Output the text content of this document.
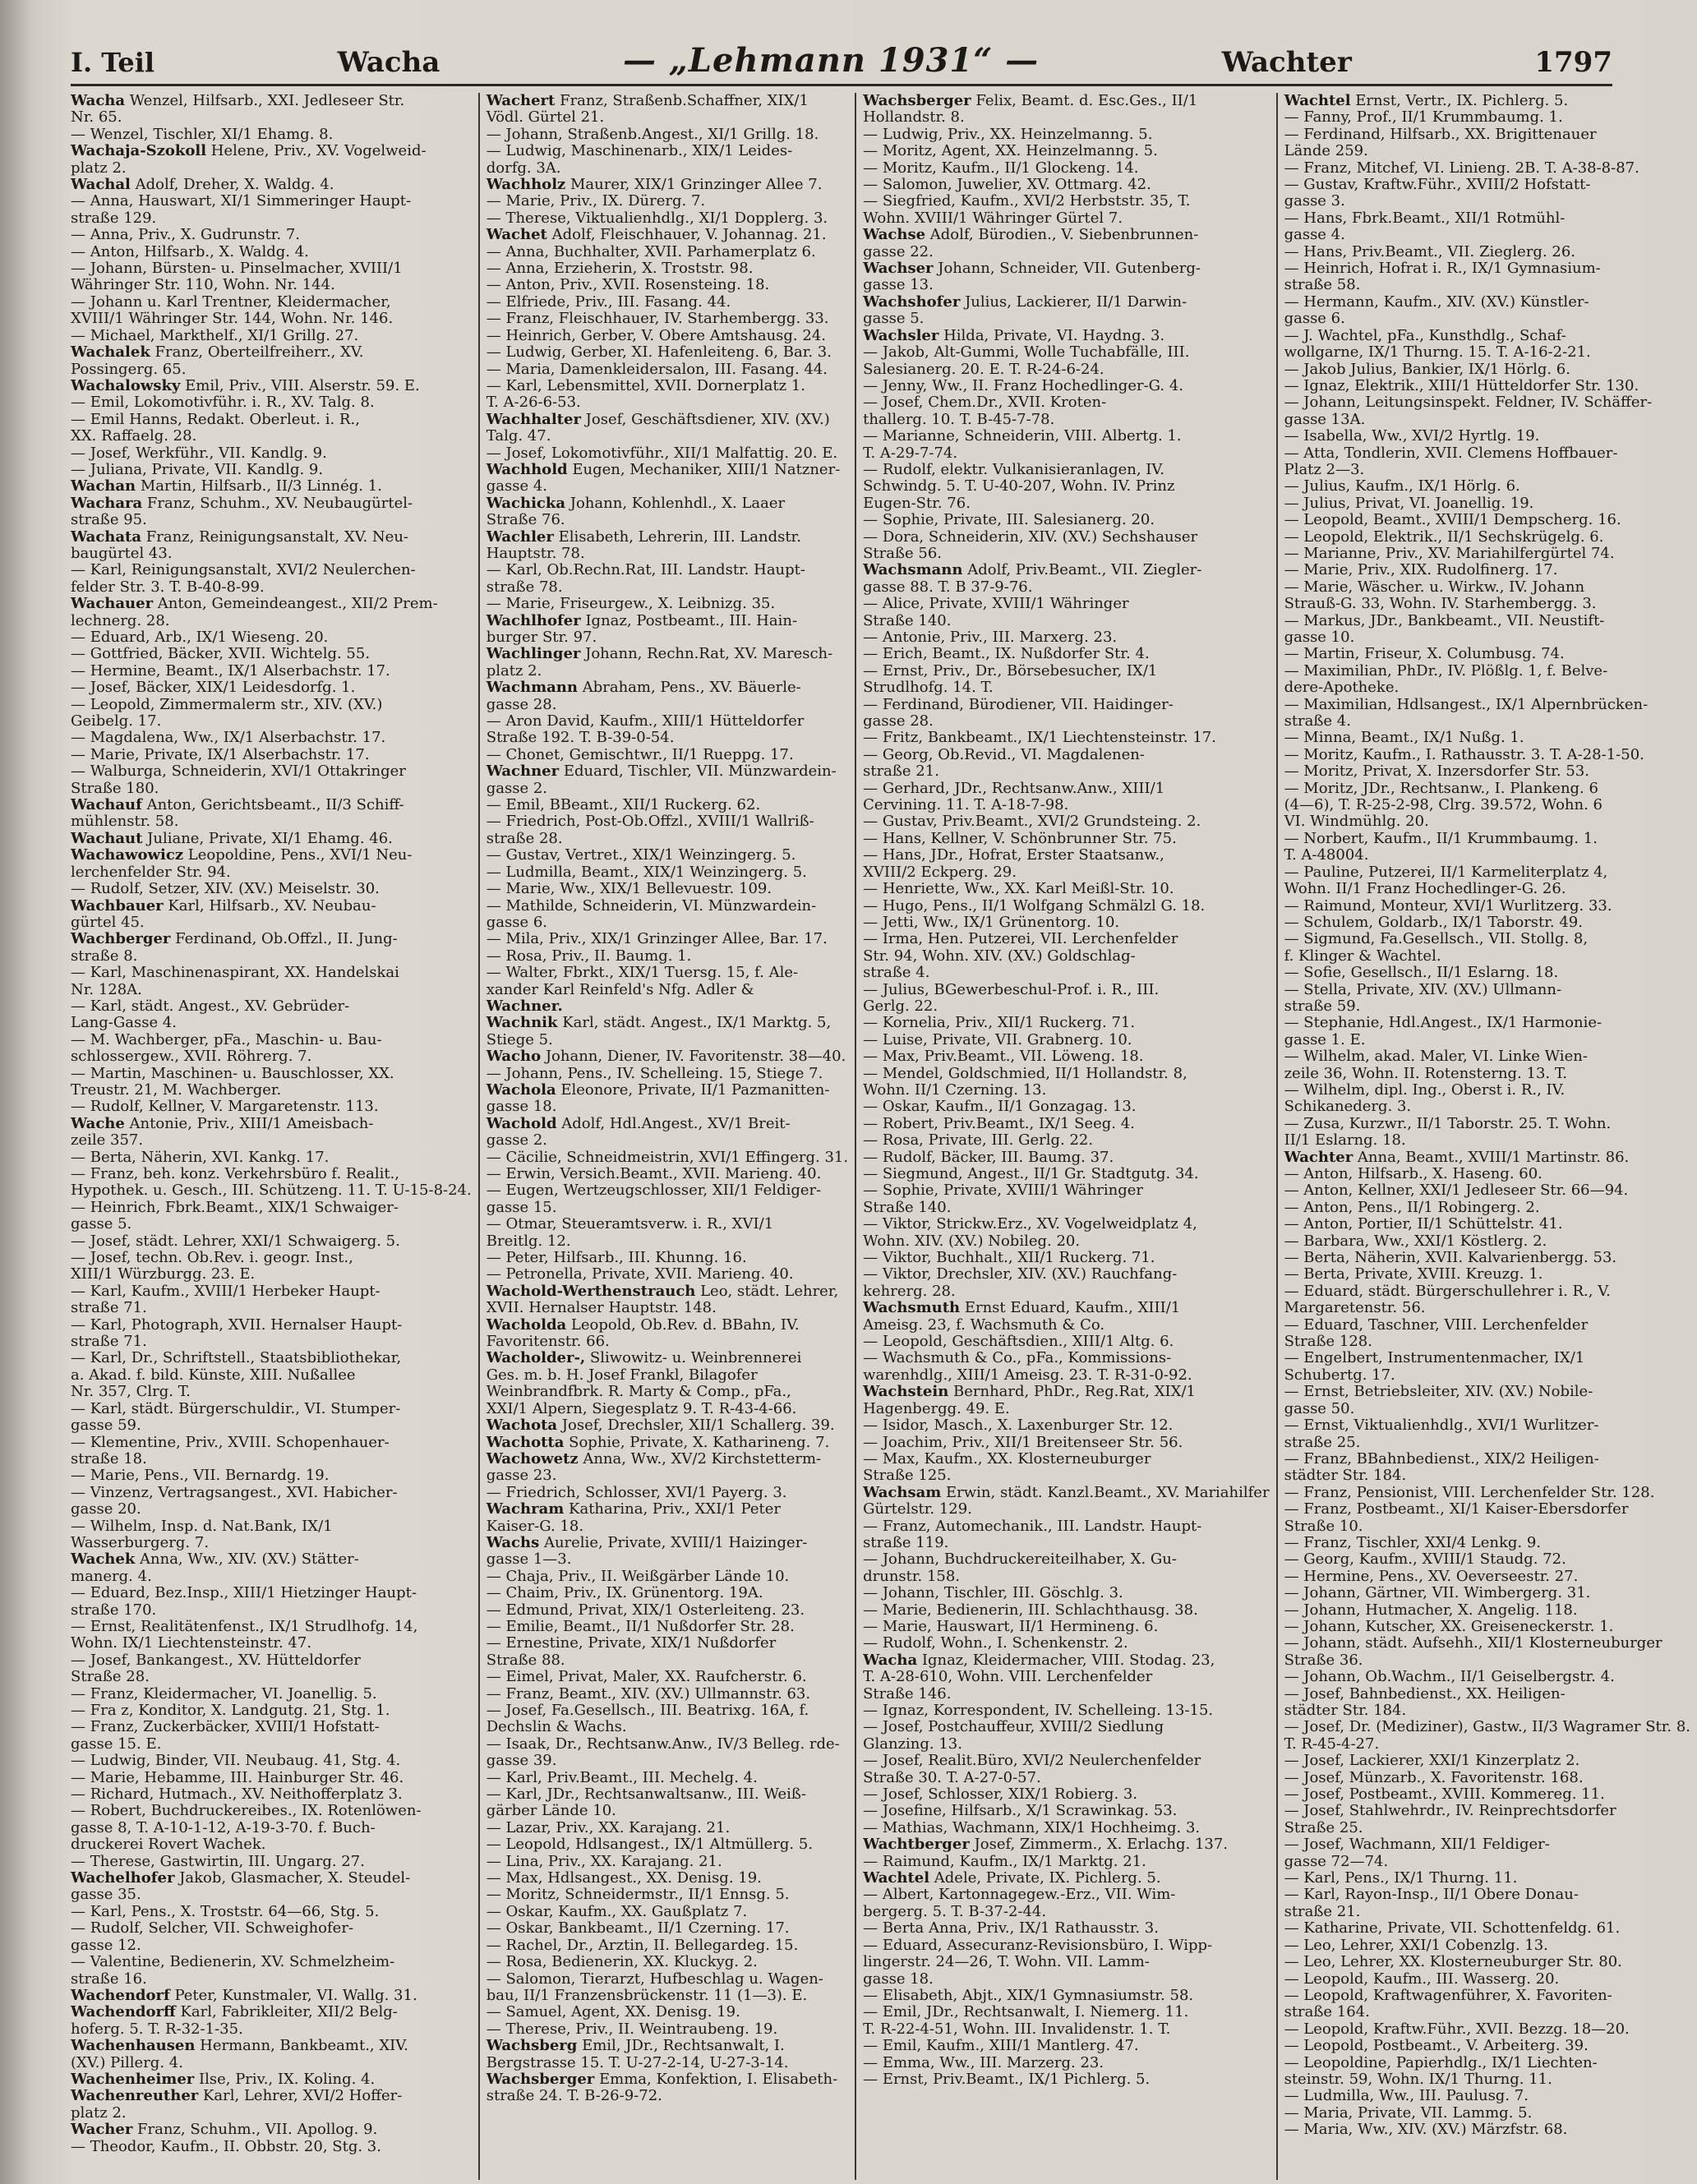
I. Teil	Wacha	— „Lehmann 1931“ —	Wachter	1797
Wacha Wenzel, Hilfsarb., XXI. Jedleseer Str.
Nr. 65.
— Wenzel, Tischler, XI/1 Ehamg. 8.
Wachaja-Szokoll Helene, Priv., XV. Vogelweid-
platz 2.
Wachal Adolf, Dreher, X. Waldg. 4.
— Anna, Hauswart, XI/1 Simmeringer Haupt-
straße 129.
— Anna, Priv., X. Gudrunstr. 7.
— Anton, Hilfsarb., X. Waldg. 4.
— Johann, Bürsten- u. Pinselmacher, XVIII/1
Währinger Str. 110, Wohn. Nr. 144.
— Johann u. Karl Trentner, Kleidermacher,
XVIII/1 Währinger Str. 144, Wohn. Nr. 146.
— Michael, Markthelf., XI/1 Grillg. 27.
Wachalek Franz, Oberteilfreiherr., XV.
Possingerg. 65.
Wachalowsky Emil, Priv., VIII. Alserstr. 59. E.
— Emil, Lokomotivführ. i. R., XV. Talg. 8.
— Emil Hanns, Redakt. Oberleut. i. R.,
XX. Raffaelg. 28.
— Josef, Werkführ., VII. Kandlg. 9.
— Juliana, Private, VII. Kandlg. 9.
Wachan Martin, Hilfsarb., II/3 Linnég. 1.
Wachara Franz, Schuhm., XV. Neubaugürtel-
straße 95.
Wachata Franz, Reinigungsanstalt, XV. Neu-
baugürtel 43.
— Karl, Reinigungsanstalt, XVI/2 Neulerchen-
felder Str. 3. T. B-40-8-99.
Wachauer Anton, Gemeindeangest., XII/2 Prem-
lechnerg. 28.
— Eduard, Arb., IX/1 Wieseng. 20.
— Gottfried, Bäcker, XVII. Wichtelg. 55.
— Hermine, Beamt., IX/1 Alserbachstr. 17.
— Josef, Bäcker, XIX/1 Leidesdorfg. 1.
— Leopold, Zimmermalerm str., XIV. (XV.)
Geibelg. 17.
— Magdalena, Ww., IX/1 Alserbachstr. 17.
— Marie, Private, IX/1 Alserbachstr. 17.
— Walburga, Schneiderin, XVI/1 Ottakringer
Straße 180.
Wachauf Anton, Gerichtsbeamt., II/3 Schiff-
mühlenstr. 58.
Wachaut Juliane, Private, XI/1 Ehamg. 46.
Wachawowicz Leopoldine, Pens., XVI/1 Neu-
lerchenfelder Str. 94.
— Rudolf, Setzer, XIV. (XV.) Meiselstr. 30.
Wachbauer Karl, Hilfsarb., XV. Neubau-
gürtel 45.
Wachberger Ferdinand, Ob.Offzl., II. Jung-
straße 8.
— Karl, Maschinenaspirant, XX. Handelskai
Nr. 128A.
— Karl, städt. Angest., XV. Gebrüder-
Lang-Gasse 4.
— M. Wachberger, pFa., Maschin- u. Bau-
schlossergew., XVII. Röhrerg. 7.
— Martin, Maschinen- u. Bauschlosser, XX.
Treustr. 21, M. Wachberger.
— Rudolf, Kellner, V. Margaretenstr. 113.
Wache Antonie, Priv., XIII/1 Ameisbach-
zeile 357.
— Berta, Näherin, XVI. Kankg. 17.
— Franz, beh. konz. Verkehrsbüro f. Realit.,
Hypothek. u. Gesch., III. Schützeng. 11. T. U-15-8-24.
— Heinrich, Fbrk.Beamt., XIX/1 Schwaiger-
gasse 5.
— Josef, städt. Lehrer, XXI/1 Schwaigerg. 5.
— Josef, techn. Ob.Rev. i. geogr. Inst.,
XIII/1 Würzburgg. 23. E.
— Karl, Kaufm., XVIII/1 Herbeker Haupt-
straße 71.
— Karl, Photograph, XVII. Hernalser Haupt-
straße 71.
— Karl, Dr., Schriftstell., Staatsbibliothekar,
a. Akad. f. bild. Künste, XIII. Nußallee
Nr. 357, Clrg. T.
— Karl, städt. Bürgerschuldir., VI. Stumper-
gasse 59.
— Klementine, Priv., XVIII. Schopenhauer-
straße 18.
— Marie, Pens., VII. Bernardg. 19.
— Vinzenz, Vertragsangest., XVI. Habicher-
gasse 20.
— Wilhelm, Insp. d. Nat.Bank, IX/1
Wasserburgerg. 7.
Wachek Anna, Ww., XIV. (XV.) Stätter-
manerg. 4.
— Eduard, Bez.Insp., XIII/1 Hietzinger Haupt-
straße 170.
— Ernst, Realitätenfenst., IX/1 Strudlhofg. 14,
Wohn. IX/1 Liechtensteinstr. 47.
— Josef, Bankangest., XV. Hütteldorfer
Straße 28.
— Franz, Kleidermacher, VI. Joanellig. 5.
— Fra z, Konditor, X. Landgutg. 21, Stg. 1.
— Franz, Zuckerbäcker, XVIII/1 Hofstatt-
gasse 15. E.
— Ludwig, Binder, VII. Neubaug. 41, Stg. 4.
— Marie, Hebamme, III. Hainburger Str. 46.
— Richard, Hutmach., XV. Neithofferplatz 3.
— Robert, Buchdruckereibes., IX. Rotenlöwen-
gasse 8, T. A-10-1-12, A-19-3-70. f. Buch-
druckerei Rovert Wachek.
— Therese, Gastwirtin, III. Ungarg. 27.
Wachelhofer Jakob, Glasmacher, X. Steudel-
gasse 35.
— Karl, Pens., X. Troststr. 64—66, Stg. 5.
— Rudolf, Selcher, VII. Schweighofer-
gasse 12.
— Valentine, Bedienerin, XV. Schmelzheim-
straße 16.
Wachendorf Peter, Kunstmaler, VI. Wallg. 31.
Wachendorff Karl, Fabrikleiter, XII/2 Belg-
hoferg. 5. T. R-32-1-35.
Wachenhausen Hermann, Bankbeamt., XIV.
(XV.) Pillerg. 4.
Wachenheimer Ilse, Priv., IX. Koling. 4.
Wachenreuther Karl, Lehrer, XVI/2 Hoffer-
platz 2.
Wacher Franz, Schuhm., VII. Apollog. 9.
— Theodor, Kaufm., II. Obbstr. 20, Stg. 3.
Wachert Franz, Straßenb.Schaffner, XIX/1
Vödl. Gürtel 21.
— Johann, Straßenb.Angest., XI/1 Grillg. 18.
— Ludwig, Maschinenarb., XIX/1 Leides-
dorfg. 3A.
Wachholz Maurer, XIX/1 Grinzinger Allee 7.
— Marie, Priv., IX. Dürerg. 7.
— Therese, Viktualienhdlg., XI/1 Dopplerg. 3.
Wachet Adolf, Fleischhauer, V. Johannag. 21.
— Anna, Buchhalter, XVII. Parhamerplatz 6.
— Anna, Erzieherin, X. Troststr. 98.
— Anton, Priv., XVII. Rosensteing. 18.
— Elfriede, Priv., III. Fasang. 44.
— Franz, Fleischhauer, IV. Starhembergg. 33.
— Heinrich, Gerber, V. Obere Amtshausg. 24.
— Ludwig, Gerber, XI. Hafenleiteng. 6, Bar. 3.
— Maria, Damenkleidersalon, III. Fasang. 44.
— Karl, Lebensmittel, XVII. Dornerplatz 1.
T. A-26-6-53.
Wachhalter Josef, Geschäftsdiener, XIV. (XV.)
Talg. 47.
— Josef, Lokomotivführ., XII/1 Malfattig. 20. E.
Wachhold Eugen, Mechaniker, XIII/1 Natzner-
gasse 4.
Wachicka Johann, Kohlenhdl., X. Laaer
Straße 76.
Wachler Elisabeth, Lehrerin, III. Landstr.
Hauptstr. 78.
— Karl, Ob.Rechn.Rat, III. Landstr. Haupt-
straße 78.
— Marie, Friseurgew., X. Leibnizg. 35.
Wachlhofer Ignaz, Postbeamt., III. Hain-
burger Str. 97.
Wachlinger Johann, Rechn.Rat, XV. Maresch-
platz 2.
Wachmann Abraham, Pens., XV. Bäuerle-
gasse 28.
— Aron David, Kaufm., XIII/1 Hütteldorfer
Straße 192. T. B-39-0-54.
— Chonet, Gemischtwr., II/1 Rueppg. 17.
Wachner Eduard, Tischler, VII. Münzwardein-
gasse 2.
— Emil, BBeamt., XII/1 Ruckerg. 62.
— Friedrich, Post-Ob.Offzl., XVIII/1 Wallriß-
straße 28.
— Gustav, Vertret., XIX/1 Weinzingerg. 5.
— Ludmilla, Beamt., XIX/1 Weinzingerg. 5.
— Marie, Ww., XIX/1 Bellevuestr. 109.
— Mathilde, Schneiderin, VI. Münzwardein-
gasse 6.
— Mila, Priv., XIX/1 Grinzinger Allee, Bar. 17.
— Rosa, Priv., II. Baumg. 1.
— Walter, Fbrkt., XIX/1 Tuersg. 15, f. Ale-
xander Karl Reinfeld's Nfg. Adler &
Wachner.
Wachnik Karl, städt. Angest., IX/1 Marktg. 5,
Stiege 5.
Wacho Johann, Diener, IV. Favoritenstr. 38—40.
— Johann, Pens., IV. Schelleing. 15, Stiege 7.
Wachola Eleonore, Private, II/1 Pazmanitten-
gasse 18.
Wachold Adolf, Hdl.Angest., XV/1 Breit-
gasse 2.
— Cäcilie, Schneidmeistrin, XVI/1 Effingerg. 31.
— Erwin, Versich.Beamt., XVII. Marieng. 40.
— Eugen, Wertzeugschlosser, XII/1 Feldiger-
gasse 15.
— Otmar, Steueramtsverw. i. R., XVI/1
Breitlg. 12.
— Peter, Hilfsarb., III. Khunng. 16.
— Petronella, Private, XVII. Marieng. 40.
Wachold-Werthenstrauch Leo, städt. Lehrer,
XVII. Hernalser Hauptstr. 148.
Wacholda Leopold, Ob.Rev. d. BBahn, IV.
Favoritenstr. 66.
Wacholder-, Sliwowitz- u. Weinbrennerei
Ges. m. b. H. Josef Frankl, Bilagofer
Weinbrandfbrk. R. Marty & Comp., pFa.,
XXI/1 Alpern, Siegesplatz 9. T. R-43-4-66.
Wachota Josef, Drechsler, XII/1 Schallerg. 39.
Wachotta Sophie, Private, X. Katharineng. 7.
Wachowetz Anna, Ww., XV/2 Kirchstetterm-
gasse 23.
— Friedrich, Schlosser, XVI/1 Payerg. 3.
Wachram Katharina, Priv., XXI/1 Peter
Kaiser-G. 18.
Wachs Aurelie, Private, XVIII/1 Haizinger-
gasse 1—3.
— Chaja, Priv., II. Weißgärber Lände 10.
— Chaim, Priv., IX. Grünentorg. 19A.
— Edmund, Privat, XIX/1 Osterleiteng. 23.
— Emilie, Beamt., II/1 Nußdorfer Str. 28.
— Ernestine, Private, XIX/1 Nußdorfer
Straße 88.
— Eimel, Privat, Maler, XX. Raufcherstr. 6.
— Franz, Beamt., XIV. (XV.) Ullmannstr. 63.
— Josef, Fa.Gesellsch., III. Beatrixg. 16A, f.
Dechslin & Wachs.
— Isaak, Dr., Rechtsanw.Anw., IV/3 Belleg. rde-
gasse 39.
— Karl, Priv.Beamt., III. Mechelg. 4.
— Karl, JDr., Rechtsanwaltsanw., III. Weiß-
gärber Lände 10.
— Lazar, Priv., XX. Karajang. 21.
— Leopold, Hdlsangest., IX/1 Altmüllerg. 5.
— Lina, Priv., XX. Karajang. 21.
— Max, Hdlsangest., XX. Denisg. 19.
— Moritz, Schneidermstr., II/1 Ennsg. 5.
— Oskar, Kaufm., XX. Gaußplatz 7.
— Oskar, Bankbeamt., II/1 Czerning. 17.
— Rachel, Dr., Arztin, II. Bellegardeg. 15.
— Rosa, Bedienerin, XX. Kluckyg. 2.
— Salomon, Tierarzt, Hufbeschlag u. Wagen-
bau, II/1 Franzensbrückenstr. 11 (1—3). E.
— Samuel, Agent, XX. Denisg. 19.
— Therese, Priv., II. Weintraubeng. 19.
Wachsberg Emil, JDr., Rechtsanwalt, I.
Bergstrasse 15. T. U-27-2-14, U-27-3-14.
Wachsberger Emma, Konfektion, I. Elisabeth-
straße 24. T. B-26-9-72.
Wachsberger Felix, Beamt. d. Esc.Ges., II/1
Hollandstr. 8.
— Ludwig, Priv., XX. Heinzelmanng. 5.
— Moritz, Agent, XX. Heinzelmanng. 5.
— Moritz, Kaufm., II/1 Glockeng. 14.
— Salomon, Juwelier, XV. Ottmarg. 42.
— Siegfried, Kaufm., XVI/2 Herbststr. 35, T.
Wohn. XVIII/1 Währinger Gürtel 7.
Wachse Adolf, Bürodien., V. Siebenbrunnen-
gasse 22.
Wachser Johann, Schneider, VII. Gutenberg-
gasse 13.
Wachshofer Julius, Lackierer, II/1 Darwin-
gasse 5.
Wachsler Hilda, Private, VI. Haydng. 3.
— Jakob, Alt-Gummi, Wolle Tuchabfälle, III.
Salesianerg. 20. E. T. R-24-6-24.
— Jenny, Ww., II. Franz Hochedlinger-G. 4.
— Josef, Chem.Dr., XVII. Kroten-
thallerg. 10. T. B-45-7-78.
— Marianne, Schneiderin, VIII. Albertg. 1.
T. A-29-7-74.
— Rudolf, elektr. Vulkanisieranlagen, IV.
Schwindg. 5. T. U-40-207, Wohn. IV. Prinz
Eugen-Str. 76.
— Sophie, Private, III. Salesianerg. 20.
— Dora, Schneiderin, XIV. (XV.) Sechshauser
Straße 56.
Wachsmann Adolf, Priv.Beamt., VII. Ziegler-
gasse 88. T. B 37-9-76.
— Alice, Private, XVIII/1 Währinger
Straße 140.
— Antonie, Priv., III. Marxerg. 23.
— Erich, Beamt., IX. Nußdorfer Str. 4.
— Ernst, Priv., Dr., Börsebesucher, IX/1
Strudlhofg. 14. T.
— Ferdinand, Bürodiener, VII. Haidinger-
gasse 28.
— Fritz, Bankbeamt., IX/1 Liechtensteinstr. 17.
— Georg, Ob.Revid., VI. Magdalenen-
straße 21.
— Gerhard, JDr., Rechtsanw.Anw., XIII/1
Cervining. 11. T. A-18-7-98.
— Gustav, Priv.Beamt., XVI/2 Grundsteing. 2.
— Hans, Kellner, V. Schönbrunner Str. 75.
— Hans, JDr., Hofrat, Erster Staatsanw.,
XVIII/2 Eckperg. 29.
— Henriette, Ww., XX. Karl Meißl-Str. 10.
— Hugo, Pens., II/1 Wolfgang Schmälzl G. 18.
— Jetti, Ww., IX/1 Grünentorg. 10.
— Irma, Hen. Putzerei, VII. Lerchenfelder
Str. 94, Wohn. XIV. (XV.) Goldschlag-
straße 4.
— Julius, BGewerbeschul-Prof. i. R., III.
Gerlg. 22.
— Kornelia, Priv., XII/1 Ruckerg. 71.
— Luise, Private, VII. Grabnerg. 10.
— Max, Priv.Beamt., VII. Löweng. 18.
— Mendel, Goldschmied, II/1 Hollandstr. 8,
Wohn. II/1 Czerning. 13.
— Oskar, Kaufm., II/1 Gonzagag. 13.
— Robert, Priv.Beamt., IX/1 Seeg. 4.
— Rosa, Private, III. Gerlg. 22.
— Rudolf, Bäcker, III. Baumg. 37.
— Siegmund, Angest., II/1 Gr. Stadtgutg. 34.
— Sophie, Private, XVIII/1 Währinger
Straße 140.
— Viktor, Strickw.Erz., XV. Vogelweidplatz 4,
Wohn. XIV. (XV.) Nobileg. 20.
— Viktor, Buchhalt., XII/1 Ruckerg. 71.
— Viktor, Drechsler, XIV. (XV.) Rauchfang-
kehrerg. 28.
Wachsmuth Ernst Eduard, Kaufm., XIII/1
Ameisg. 23, f. Wachsmuth & Co.
— Leopold, Geschäftsdien., XIII/1 Altg. 6.
— Wachsmuth & Co., pFa., Kommissions-
warenhdlg., XIII/1 Ameisg. 23. T. R-31-0-92.
Wachstein Bernhard, PhDr., Reg.Rat, XIX/1
Hagenbergg. 49. E.
— Isidor, Masch., X. Laxenburger Str. 12.
— Joachim, Priv., XII/1 Breitenseer Str. 56.
— Max, Kaufm., XX. Klosterneuburger
Straße 125.
Wachsam Erwin, städt. Kanzl.Beamt., XV. Mariahilfer
Gürtelstr. 129.
— Franz, Automechanik., III. Landstr. Haupt-
straße 119.
— Johann, Buchdruckereiteilhaber, X. Gu-
drunstr. 158.
— Johann, Tischler, III. Göschlg. 3.
— Marie, Bedienerin, III. Schlachthausg. 38.
— Marie, Hauswart, II/1 Hermineng. 6.
— Rudolf, Wohn., I. Schenkenstr. 2.
Wacha Ignaz, Kleidermacher, VIII. Stodag. 23,
T. A-28-610, Wohn. VIII. Lerchenfelder
Straße 146.
— Ignaz, Korrespondent, IV. Schelleing. 13-15.
— Josef, Postchauffeur, XVIII/2 Siedlung
Glanzing. 13.
— Josef, Realit.Büro, XVI/2 Neulerchenfelder
Straße 30. T. A-27-0-57.
— Josef, Schlosser, XIX/1 Robierg. 3.
— Josefine, Hilfsarb., X/1 Scrawinkag. 53.
— Mathias, Wachmann, XIX/1 Hochheimg. 3.
Wachtberger Josef, Zimmerm., X. Erlachg. 137.
— Raimund, Kaufm., IX/1 Marktg. 21.
Wachtel Adele, Private, IX. Pichlerg. 5.
— Albert, Kartonnagegew.-Erz., VII. Wim-
bergerg. 5. T. B-37-2-44.
— Berta Anna, Priv., IX/1 Rathausstr. 3.
— Eduard, Assecuranz-Revisionsbüro, I. Wipp-
lingerstr. 24—26, T. Wohn. VII. Lamm-
gasse 18.
— Elisabeth, Abjt., XIX/1 Gymnasiumstr. 58.
— Emil, JDr., Rechtsanwalt, I. Niemerg. 11.
T. R-22-4-51, Wohn. III. Invalidenstr. 1. T.
— Emil, Kaufm., XIII/1 Mantlerg. 47.
— Emma, Ww., III. Marzerg. 23.
— Ernst, Priv.Beamt., IX/1 Pichlerg. 5.
Wachtel Ernst, Vertr., IX. Pichlerg. 5.
— Fanny, Prof., II/1 Krummbaumg. 1.
— Ferdinand, Hilfsarb., XX. Brigittenauer
Lände 259.
— Franz, Mitchef, VI. Linieng. 2B. T. A-38-8-87.
— Gustav, Kraftw.Führ., XVIII/2 Hofstatt-
gasse 3.
— Hans, Fbrk.Beamt., XII/1 Rotmühl-
gasse 4.
— Hans, Priv.Beamt., VII. Zieglerg. 26.
— Heinrich, Hofrat i. R., IX/1 Gymnasium-
straße 58.
— Hermann, Kaufm., XIV. (XV.) Künstler-
gasse 6.
— J. Wachtel, pFa., Kunsthdlg., Schaf-
wollgarne, IX/1 Thurng. 15. T. A-16-2-21.
— Jakob Julius, Bankier, IX/1 Hörlg. 6.
— Ignaz, Elektrik., XIII/1 Hütteldorfer Str. 130.
— Johann, Leitungsinspekt. Feldner, IV. Schäffer-
gasse 13A.
— Isabella, Ww., XVI/2 Hyrtlg. 19.
— Atta, Tondlerin, XVII. Clemens Hoffbauer-
Platz 2—3.
— Julius, Kaufm., IX/1 Hörlg. 6.
— Julius, Privat, VI. Joanellig. 19.
— Leopold, Beamt., XVIII/1 Dempscherg. 16.
— Leopold, Elektrik., II/1 Sechskrügelg. 6.
— Marianne, Priv., XV. Mariahilfergürtel 74.
— Marie, Priv., XIX. Rudolfinerg. 17.
— Marie, Wäscher. u. Wirkw., IV. Johann
Strauß-G. 33, Wohn. IV. Starhembergg. 3.
— Markus, JDr., Bankbeamt., VII. Neustift-
gasse 10.
— Martin, Friseur, X. Columbusg. 74.
— Maximilian, PhDr., IV. Plößlg. 1, f. Belve-
dere-Apotheke.
— Maximilian, Hdlsangest., IX/1 Alpernbrücken-
straße 4.
— Minna, Beamt., IX/1 Nußg. 1.
— Moritz, Kaufm., I. Rathausstr. 3. T. A-28-1-50.
— Moritz, Privat, X. Inzersdorfer Str. 53.
— Moritz, JDr., Rechtsanw., I. Plankeng. 6
(4—6), T. R-25-2-98, Clrg. 39.572, Wohn. 6
VI. Windmühlg. 20.
— Norbert, Kaufm., II/1 Krummbaumg. 1.
T. A-48004.
— Pauline, Putzerei, II/1 Karmeliterplatz 4,
Wohn. II/1 Franz Hochedlinger-G. 26.
— Raimund, Monteur, XVI/1 Wurlitzerg. 33.
— Schulem, Goldarb., IX/1 Taborstr. 49.
— Sigmund, Fa.Gesellsch., VII. Stollg. 8,
f. Klinger & Wachtel.
— Sofie, Gesellsch., II/1 Eslarng. 18.
— Stella, Private, XIV. (XV.) Ullmann-
straße 59.
— Stephanie, Hdl.Angest., IX/1 Harmonie-
gasse 1. E.
— Wilhelm, akad. Maler, VI. Linke Wien-
zeile 36, Wohn. II. Rotensterng. 13. T.
— Wilhelm, dipl. Ing., Oberst i. R., IV.
Schikanederg. 3.
— Zusa, Kurzwr., II/1 Taborstr. 25. T. Wohn.
II/1 Eslarng. 18.
Wachter Anna, Beamt., XVIII/1 Martinstr. 86.
— Anton, Hilfsarb., X. Haseng. 60.
— Anton, Kellner, XXI/1 Jedleseer Str. 66—94.
— Anton, Pens., II/1 Robingerg. 2.
— Anton, Portier, II/1 Schüttelstr. 41.
— Barbara, Ww., XXI/1 Köstlerg. 2.
— Berta, Näherin, XVII. Kalvarienbergg. 53.
— Berta, Private, XVIII. Kreuzg. 1.
— Eduard, städt. Bürgerschullehrer i. R., V.
Margaretenstr. 56.
— Eduard, Taschner, VIII. Lerchenfelder
Straße 128.
— Engelbert, Instrumentenmacher, IX/1
Schubertg. 17.
— Ernst, Betriebsleiter, XIV. (XV.) Nobile-
gasse 50.
— Ernst, Viktualienhdlg., XVI/1 Wurlitzer-
straße 25.
— Franz, BBahnbedienst., XIX/2 Heiligen-
städter Str. 184.
— Franz, Pensionist, VIII. Lerchenfelder Str. 128.
— Franz, Postbeamt., XI/1 Kaiser-Ebersdorfer
Straße 10.
— Franz, Tischler, XXI/4 Lenkg. 9.
— Georg, Kaufm., XVIII/1 Staudg. 72.
— Hermine, Pens., XV. Oeverseestr. 27.
— Johann, Gärtner, VII. Wimbergerg. 31.
— Johann, Hutmacher, X. Angelig. 118.
— Johann, Kutscher, XX. Greiseneckerstr. 1.
— Johann, städt. Aufsehh., XII/1 Klosterneuburger
Straße 36.
— Johann, Ob.Wachm., II/1 Geiselbergstr. 4.
— Josef, Bahnbedienst., XX. Heiligen-
städter Str. 184.
— Josef, Dr. (Mediziner), Gastw., II/3 Wagramer Str. 8.
T. R-45-4-27.
— Josef, Lackierer, XXI/1 Kinzerplatz 2.
— Josef, Münzarb., X. Favoritenstr. 168.
— Josef, Postbeamt., XVIII. Kommereg. 11.
— Josef, Stahlwehrdr., IV. Reinprechtsdorfer
Straße 25.
— Josef, Wachmann, XII/1 Feldiger-
gasse 72—74.
— Karl, Pens., IX/1 Thurng. 11.
— Karl, Rayon-Insp., II/1 Obere Donau-
straße 21.
— Katharine, Private, VII. Schottenfeldg. 61.
— Leo, Lehrer, XXI/1 Cobenzlg. 13.
— Leo, Lehrer, XX. Klosterneuburger Str. 80.
— Leopold, Kaufm., III. Wasserg. 20.
— Leopold, Kraftwagenführer, X. Favoriten-
straße 164.
— Leopold, Kraftw.Führ., XVII. Bezzg. 18—20.
— Leopold, Postbeamt., V. Arbeiterg. 39.
— Leopoldine, Papierhdlg., IX/1 Liechten-
steinstr. 59, Wohn. IX/1 Thurng. 11.
— Ludmilla, Ww., III. Paulusg. 7.
— Maria, Private, VII. Lammg. 5.
— Maria, Ww., XIV. (XV.) Märzfstr. 68.
